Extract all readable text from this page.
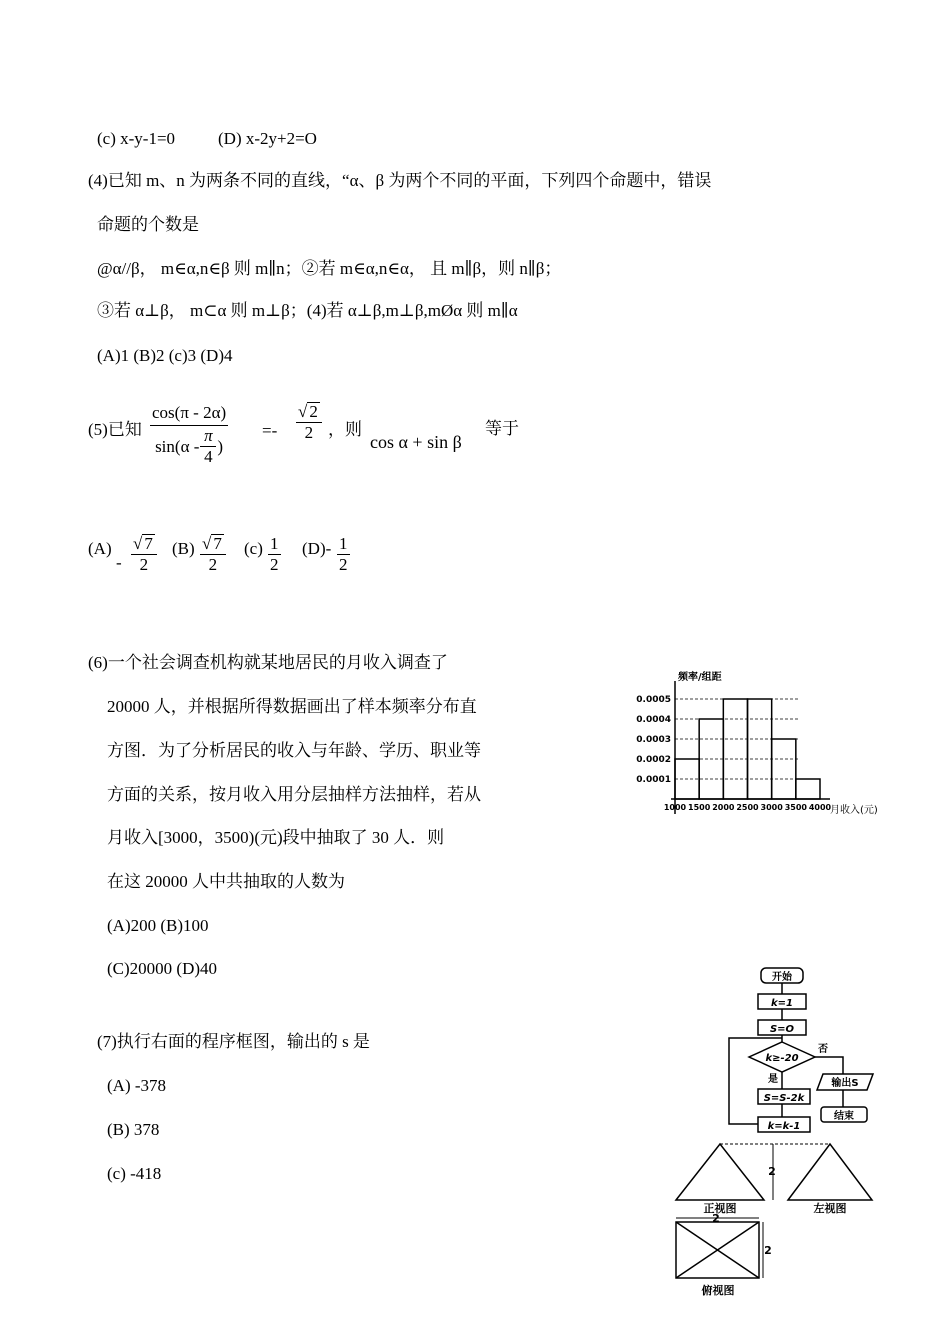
(c) x-y-1=0	(D) x-2y+2=O
(4)已知 m、n 为两条不同的直线，“α、β 为两个不同的平面，下列四个命题中，错误
命题的个数是
@α//β， m∈α,n∈β 则 m∥n；②若 m∈α,n∈α， 且 m∥β，则 n∥β；
③若 α⊥β， m⊂α 则 m⊥β；(4)若 α⊥β,m⊥β,mØα 则 m∥α
(A)1 (B)2 (c)3 (D)4
(5)已知
cos(π - 2α)
sin(α -
π
4
)
=-
√ 2
2 ，则
cos α + sin β
等于
(A)
-
√ 7
2
(B) √ 7
2
(c) 1
2
(D)- 1
2
(6)一个社会调查机构就某地居民的月收入调查了
20000 人，并根据所得数据画出了样本频率分布直
方图．为了分析居民的收入与年龄、学历、职业等
方面的关系，按月收入用分层抽样方法抽样，若从
月收入[3000，3500)(元)段中抽取了 30 人．则
在这 20000 人中共抽取的人数为
(A)200 (B)100
(C)20000 (D)40
频率/组距
月收入(元)
0.0001
0.0002
0.0003
0.0004
0.0005
1000 1500 2000 2500 3000 3500 4000
(7)执行右面的程序框图，输出的 s 是
(A) -378
(B) 378
(c) -418
开始
k=1
S=O
k≥-20
否
是
S=S-2k
k=k-1
输出S
结束
2
2
2
正视图	左视图
俯视图
